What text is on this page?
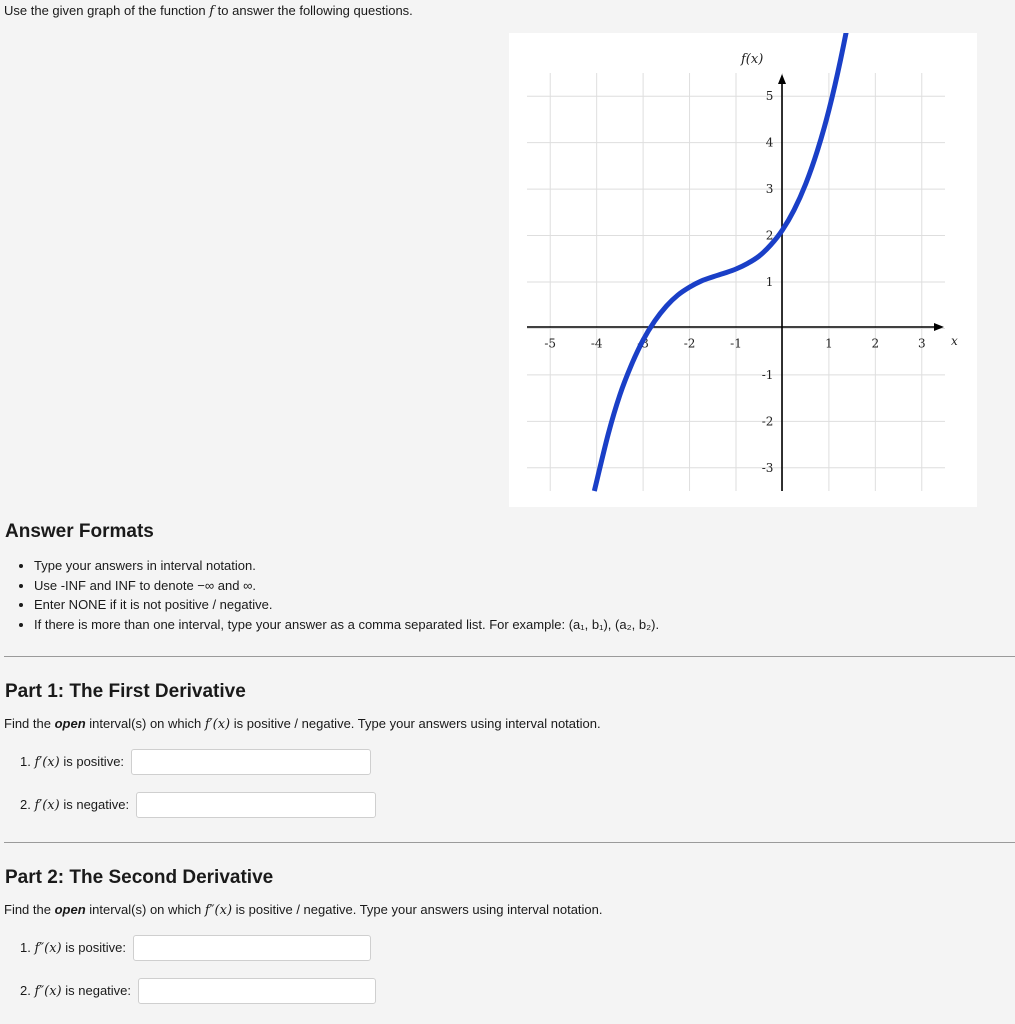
Use the given graph of the function f to answer the following questions.
-5	-4	-3	-2	-1	1	2	3
5
4
3
2
1
-1
-2
-3
f(x)
x
Answer Formats
• Type your answers in interval notation.
• Use -INF and INF to denote −∞ and ∞.
• Enter NONE if it is not positive / negative.
• If there is more than one interval, type your answer as a comma separated list. For example: (a₁, b₁), (a₂, b₂).
Part 1: The First Derivative
Find the open interval(s) on which f′(x) is positive / negative. Type your answers using interval notation.
1. f′(x) is positive:
2. f′(x) is negative:
Part 2: The Second Derivative
Find the open interval(s) on which f″(x) is positive / negative. Type your answers using interval notation.
1. f″(x) is positive:
2. f″(x) is negative:
